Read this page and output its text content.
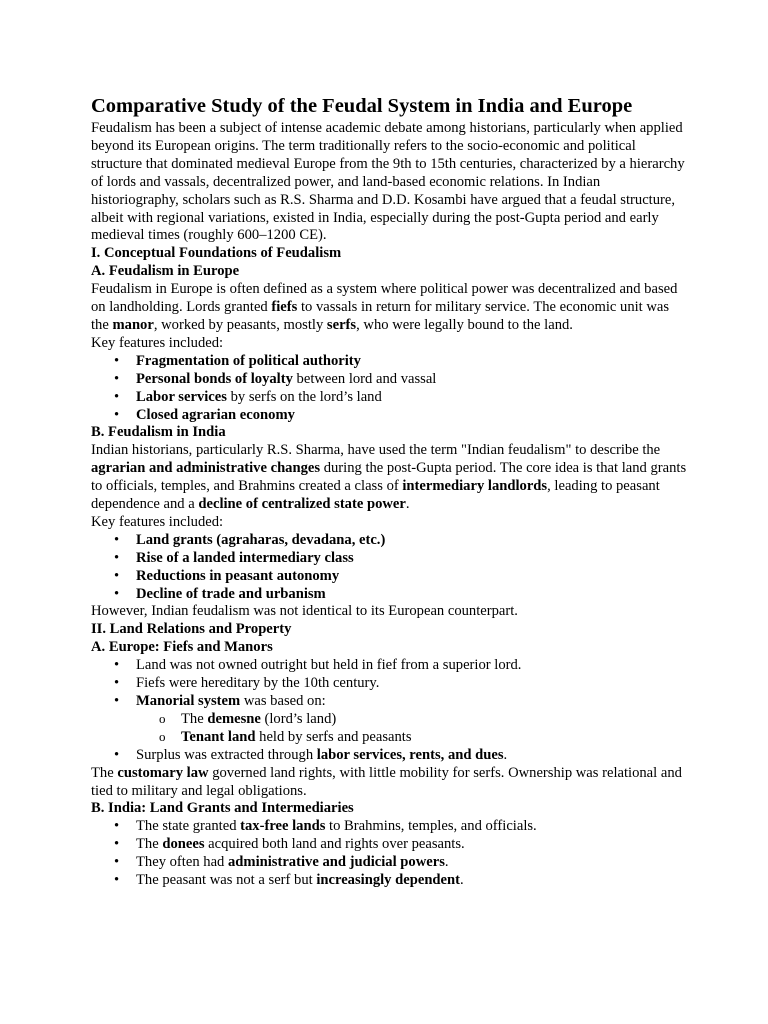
Comparative Study of the Feudal System in India and Europe

Feudalism has been a subject of intense academic debate among historians, particularly when applied beyond its European origins. The term traditionally refers to the socio-economic and political structure that dominated medieval Europe from the 9th to 15th centuries, characterized by a hierarchy of lords and vassals, decentralized power, and land-based economic relations. In Indian historiography, scholars such as R.S. Sharma and D.D. Kosambi have argued that a feudal structure, albeit with regional variations, existed in India, especially during the post-Gupta period and early medieval times (roughly 600–1200 CE).

I. Conceptual Foundations of Feudalism
A. Feudalism in Europe

Feudalism in Europe is often defined as a system where political power was decentralized and based on landholding. Lords granted fiefs to vassals in return for military service. The economic unit was the manor, worked by peasants, mostly serfs, who were legally bound to the land.

Key features included:

• Fragmentation of political authority
• Personal bonds of loyalty between lord and vassal
• Labor services by serfs on the lord’s land
• Closed agrarian economy
B. Feudalism in India

Indian historians, particularly R.S. Sharma, have used the term "Indian feudalism" to describe the agrarian and administrative changes during the post-Gupta period. The core idea is that land grants to officials, temples, and Brahmins created a class of intermediary landlords, leading to peasant dependence and a decline of centralized state power.

Key features included:

• Land grants (agraharas, devadana, etc.)
• Rise of a landed intermediary class
• Reductions in peasant autonomy
• Decline of trade and urbanism

However, Indian feudalism was not identical to its European counterpart.

II. Land Relations and Property
A. Europe: Fiefs and Manors
• Land was not owned outright but held in fief from a superior lord.
• Fiefs were hereditary by the 10th century.
• Manorial system was based on:
o The demesne (lord’s land)
o Tenant land held by serfs and peasants
• Surplus was extracted through labor services, rents, and dues.

The customary law governed land rights, with little mobility for serfs. Ownership was relational and tied to military and legal obligations.

B. India: Land Grants and Intermediaries
• The state granted tax-free lands to Brahmins, temples, and officials.
• The donees acquired both land and rights over peasants.
• They often had administrative and judicial powers.
• The peasant was not a serf but increasingly dependent.
